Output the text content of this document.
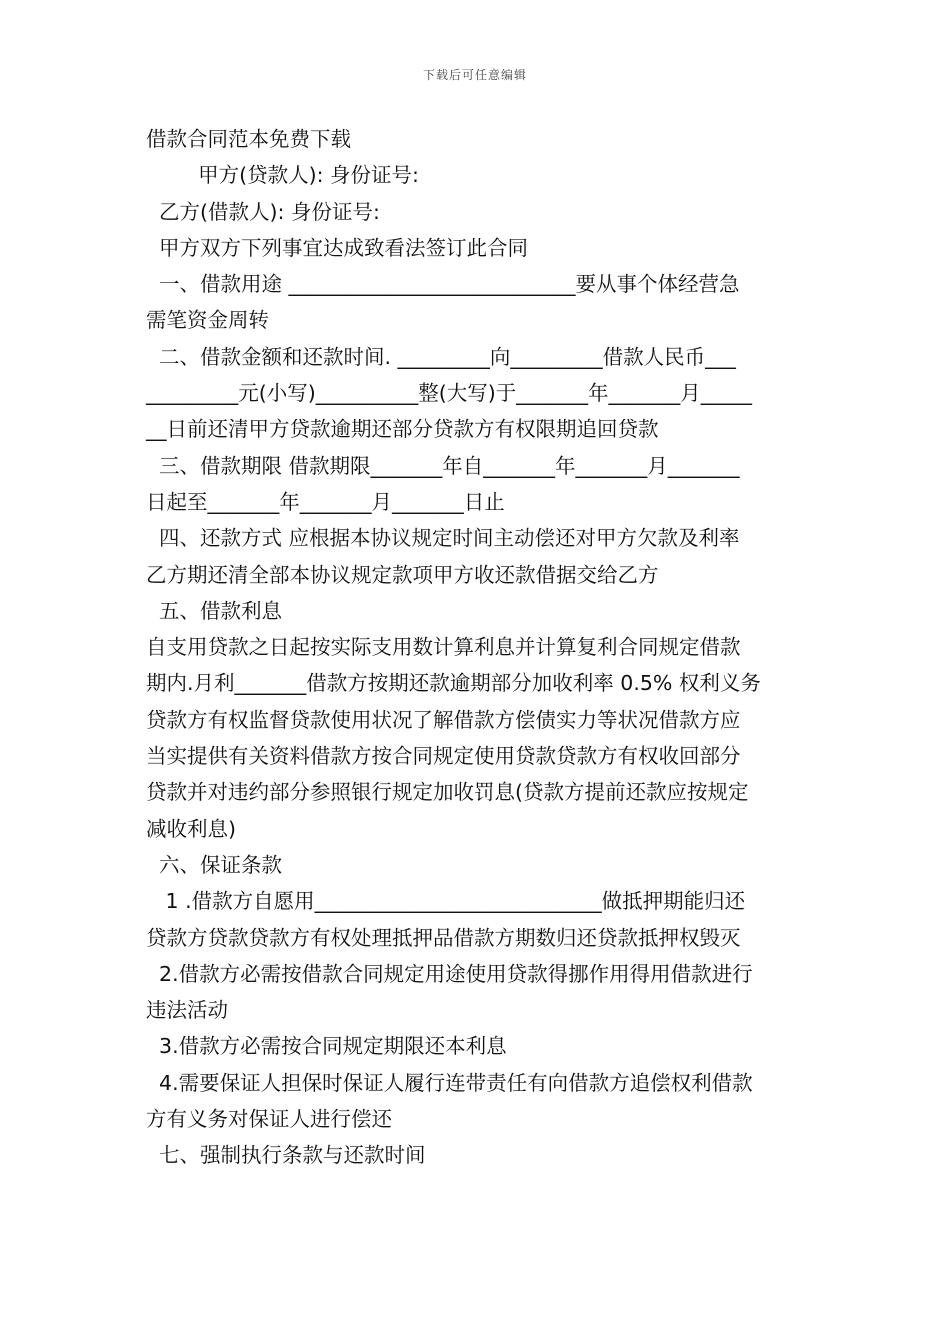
下载后可任意编辑
借款合同范本免费下载
甲方(贷款人): 身份证号:
乙方(借款人): 身份证号:
甲方双方下列事宜达成致看法签订此合同
一、借款用途 ____________________________要从事个体经营急
需笔资金周转
二、借款金额和还款时间. _________向_________借款人民币___
_________元(小写)__________整(大写)于_______年_______月_____
__日前还清甲方贷款逾期还部分贷款方有权限期追回贷款
三、借款期限 借款期限_______年自_______年_______月_______
日起至_______年_______月_______日止
四、还款方式 应根据本协议规定时间主动偿还对甲方欠款及利率
乙方期还清全部本协议规定款项甲方收还款借据交给乙方
五、借款利息
自支用贷款之日起按实际支用数计算利息并计算复利合同规定借款
期内.月利_______借款方按期还款逾期部分加收利率 0.5% 权利义务
贷款方有权监督贷款使用状况了解借款方偿债实力等状况借款方应
当实提供有关资料借款方按合同规定使用贷款贷款方有权收回部分
贷款并对违约部分参照银行规定加收罚息(贷款方提前还款应按规定
减收利息)
六、保证条款
1 .借款方自愿用____________________________做抵押期能归还
贷款方贷款贷款方有权处理抵押品借款方期数归还贷款抵押权毁灭
2.借款方必需按借款合同规定用途使用贷款得挪作用得用借款进行
违法活动
3.借款方必需按合同规定期限还本利息
4.需要保证人担保时保证人履行连带责任有向借款方追偿权利借款
方有义务对保证人进行偿还
七、强制执行条款与还款时间
